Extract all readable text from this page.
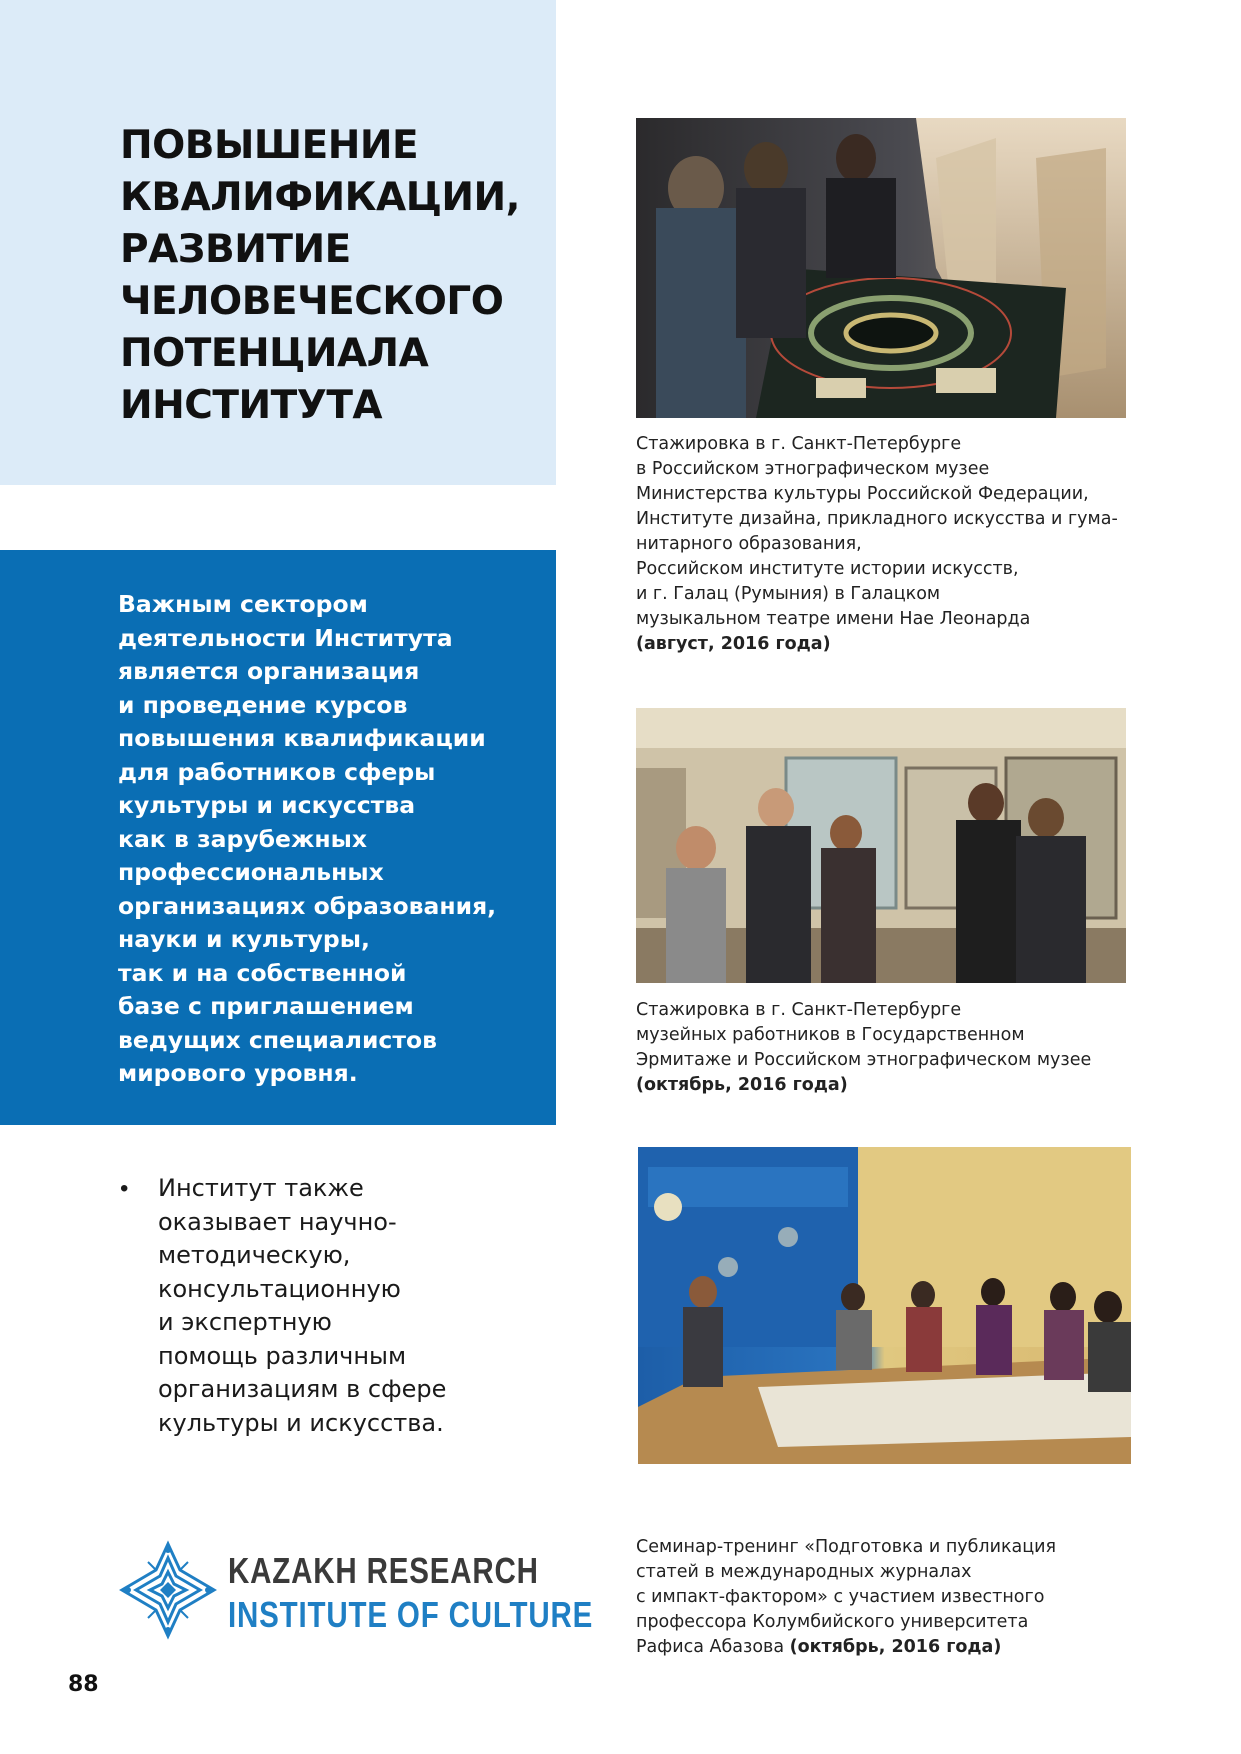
ПОВЫШЕНИЕ
КВАЛИФИКАЦИИ,
РАЗВИТИЕ
ЧЕЛОВЕЧЕСКОГО
ПОТЕНЦИАЛА
ИНСТИТУТА
Важным сектором
деятельности Института
является организация
и проведение курсов
повышения квалификации
для работников сферы
культуры и искусства
как в зарубежных
профессиональных
организациях образования,
науки и культуры,
так и на собственной
базе с приглашением
ведущих специалистов
мирового уровня.
• Институт также
оказывает научно-
методическую,
консультационную
и экспертную
помощь различным
организациям в сфере
культуры и искусства.
KAZAKH RESEARCH
INSTITUTE OF CULTURE
88
Стажировка в г. Санкт-Петербурге
в Российском этнографическом музее
Министерства культуры Российской Федерации,
Институте дизайна, прикладного искусства и гума-
нитарного образования,
Российском институте истории искусств,
и г. Галац (Румыния) в Галацком
музыкальном театре имени Нае Леонарда
(август, 2016 года)
Стажировка в г. Санкт-Петербурге
музейных работников в Государственном
Эрмитаже и Российском этнографическом музее
(октябрь, 2016 года)
Семинар-тренинг «Подготовка и публикация
статей в международных журналах
с импакт-фактором» с участием известного
профессора Колумбийского университета
Рафиса Абазова (октябрь, 2016 года)
